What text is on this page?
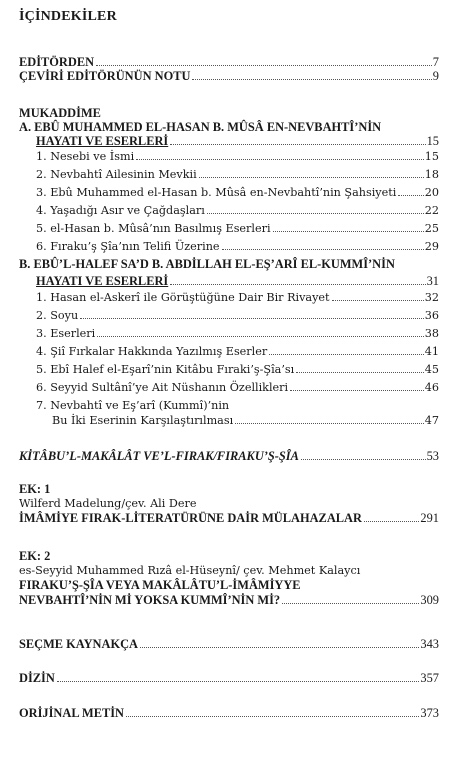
İÇİNDEKİLER
EDİTÖRDEN	7
ÇEVİRİ EDİTÖRÜNÜN NOTU	9
MUKADDİME
A. EBÛ MUHAMMED EL-HASAN B. MÛSÂ EN-NEVBAHTÎ’NİN
HAYATI VE ESERLERİ	15
1. Nesebi ve İsmi	15
2. Nevbahtî Ailesinin Mevkii	18
3. Ebû Muhammed el-Hasan b. Mûsâ en-Nevbahtî’nin Şahsiyeti	20
4. Yaşadığı Asır ve Çağdaşları	22
5. el-Hasan b. Mûsâ’nın Basılmış Eserleri	25
6. Fıraku’ş Şîa’nın Telifi Üzerine	29
B. EBÛ’L-HALEF SA’D B. ABDİLLAH EL-EŞ’ARÎ EL-KUMMÎ’NİN
HAYATI VE ESERLERİ	31
1. Hasan el-Askerî ile Görüştüğüne Dair Bir Rivayet	32
2. Soyu	36
3. Eserleri	38
4. Şiî Fırkalar Hakkında Yazılmış Eserler	41
5. Ebî Halef el-Eşarî’nin Kitâbu Fıraki’ş-Şîa’sı	45
6. Seyyid Sultânî’ye Ait Nüshanın Özellikleri	46
7. Nevbahtî ve Eş’arî (Kummî)’nin
Bu İki Eserinin Karşılaştırılması	47
KİTÂBU’L-MAKÂLÂT VE’L-FIRAK/FIRAKU’Ş-ŞÎA	53
EK: 1
Wilferd Madelung/çev. Ali Dere
İMÂMİYE FIRAK-LİTERATÜRÜNE DAİR MÜLAHAZALAR	291
EK: 2
es-Seyyid Muhammed Rızâ el-Hüseynî/ çev. Mehmet Kalaycı
FIRAKU’Ş-ŞÎA VEYA MAKÂLÂTU’L-İMÂMİYYE
NEVBAHTÎ’NİN Mİ YOKSA KUMMÎ’NİN Mİ?	309
SEÇME KAYNAKÇA	343
DİZİN	357
ORİJİNAL METİN	373
